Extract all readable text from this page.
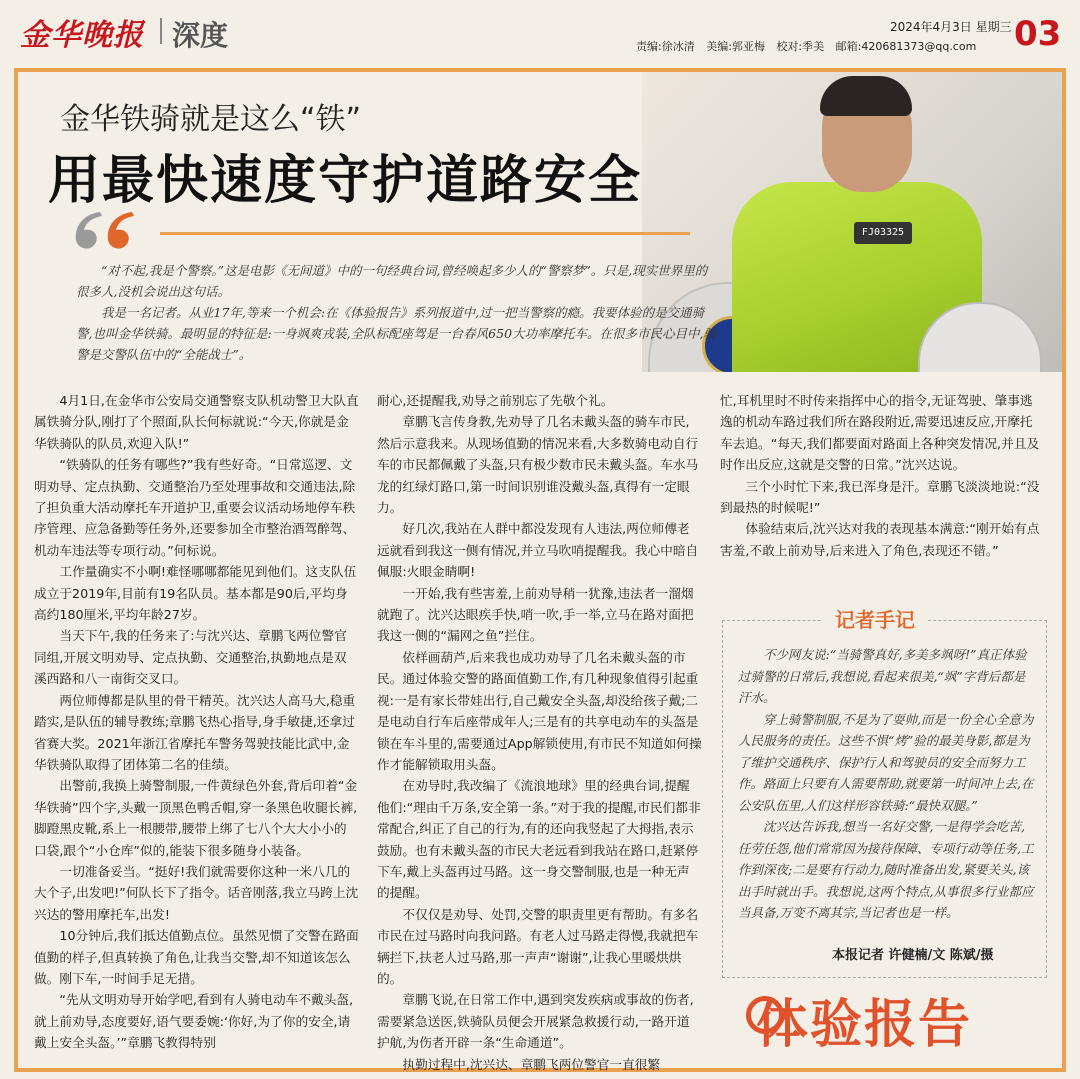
金华晚报 深度	2024年4月3日 星期三
责编:徐冰清 美编:郭亚梅 校对:季美 邮箱:420681373@qq.com 03
FJ03325
金华铁骑就是这么“铁”
用最快速度守护道路安全

“对不起,我是个警察。”这是电影《无间道》中的一句经典台词,曾经唤起多少人的“警察梦”。只是,现实世界里的很多人,没机会说出这句话。

我是一名记者。从业17年,等来一个机会:在《体验报告》系列报道中,过一把当警察的瘾。我要体验的是交通骑警,也叫金华铁骑。最明显的特征是:一身飒爽戎装,全队标配座驾是一台春风650大功率摩托车。在很多市民心目中,骑警是交警队伍中的“全能战士”。

4月1日,在金华市公安局交通警察支队机动警卫大队直属铁骑分队,刚打了个照面,队长何标就说:“今天,你就是金华铁骑队的队员,欢迎入队!”

“铁骑队的任务有哪些?”我有些好奇。“日常巡逻、文明劝导、定点执勤、交通整治乃至处理事故和交通违法,除了担负重大活动摩托车开道护卫,重要会议活动场地停车秩序管理、应急备勤等任务外,还要参加全市整治酒驾醉驾、机动车违法等专项行动。”何标说。

工作量确实不小啊!难怪哪哪都能见到他们。这支队伍成立于2019年,目前有19名队员。基本都是90后,平均身高约180厘米,平均年龄27岁。

当天下午,我的任务来了:与沈兴达、章鹏飞两位警官同组,开展文明劝导、定点执勤、交通整治,执勤地点是双溪西路和八一南街交叉口。

两位师傅都是队里的骨干精英。沈兴达人高马大,稳重踏实,是队伍的辅导教练;章鹏飞热心指导,身手敏捷,还拿过省赛大奖。2021年浙江省摩托车警务驾驶技能比武中,金华铁骑队取得了团体第二名的佳绩。

出警前,我换上骑警制服,一件黄绿色外套,背后印着“金华铁骑”四个字,头戴一顶黑色鸭舌帽,穿一条黑色收腿长裤,脚蹬黑皮靴,系上一根腰带,腰带上绑了七八个大大小小的口袋,跟个“小仓库”似的,能装下很多随身小装备。

一切准备妥当。“挺好!我们就需要你这种一米八几的大个子,出发吧!”何队长下了指令。话音刚落,我立马跨上沈兴达的警用摩托车,出发!

10分钟后,我们抵达值勤点位。虽然见惯了交警在路面值勤的样子,但真转换了角色,让我当交警,却不知道该怎么做。刚下车,一时间手足无措。

“先从文明劝导开始学吧,看到有人骑电动车不戴头盔,就上前劝导,态度要好,语气要委婉:‘你好,为了你的安全,请戴上安全头盔。’”章鹏飞教得特别

耐心,还提醒我,劝导之前别忘了先敬个礼。

章鹏飞言传身教,先劝导了几名未戴头盔的骑车市民,然后示意我来。从现场值勤的情况来看,大多数骑电动自行车的市民都佩戴了头盔,只有极少数市民未戴头盔。车水马龙的红绿灯路口,第一时间识别谁没戴头盔,真得有一定眼力。

好几次,我站在人群中都没发现有人违法,两位师傅老远就看到我这一侧有情况,并立马吹哨提醒我。我心中暗自佩服:火眼金睛啊!

一开始,我有些害羞,上前劝导稍一犹豫,违法者一溜烟就跑了。沈兴达眼疾手快,哨一吹,手一举,立马在路对面把我这一侧的“漏网之鱼”拦住。

依样画葫芦,后来我也成功劝导了几名未戴头盔的市民。通过体验交警的路面值勤工作,有几种现象值得引起重视:一是有家长带娃出行,自己戴安全头盔,却没给孩子戴;二是电动自行车后座带成年人;三是有的共享电动车的头盔是锁在车斗里的,需要通过App解锁使用,有市民不知道如何操作才能解锁取用头盔。

在劝导时,我改编了《流浪地球》里的经典台词,提醒他们:“理由千万条,安全第一条。”对于我的提醒,市民们都非常配合,纠正了自己的行为,有的还向我竖起了大拇指,表示鼓励。也有未戴头盔的市民大老远看到我站在路口,赶紧停下车,戴上头盔再过马路。这一身交警制服,也是一种无声的提醒。

不仅仅是劝导、处罚,交警的职责里更有帮助。有多名市民在过马路时向我问路。有老人过马路走得慢,我就把车辆拦下,扶老人过马路,那一声声“谢谢”,让我心里暖烘烘的。

章鹏飞说,在日常工作中,遇到突发疾病或事故的伤者,需要紧急送医,铁骑队员便会开展紧急救援行动,一路开道护航,为伤者开辟一条“生命通道”。

执勤过程中,沈兴达、章鹏飞两位警官一直很繁

忙,耳机里时不时传来指挥中心的指令,无证驾驶、肇事逃逸的机动车路过我们所在路段附近,需要迅速反应,开摩托车去追。“每天,我们都要面对路面上各种突发情况,并且及时作出反应,这就是交警的日常。”沈兴达说。

三个小时忙下来,我已浑身是汗。章鹏飞淡淡地说:“没到最热的时候呢!”

体验结束后,沈兴达对我的表现基本满意:“刚开始有点害羞,不敢上前劝导,后来进入了角色,表现还不错。”

记者手记

不少网友说:“当骑警真好,多美多飒呀!”真正体验过骑警的日常后,我想说,看起来很美,“飒”字背后都是汗水。

穿上骑警制服,不是为了耍帅,而是一份全心全意为人民服务的责任。这些不惧“烤”验的最美身影,都是为了维护交通秩序、保护行人和驾驶员的安全而努力工作。路面上只要有人需要帮助,就要第一时间冲上去,在公安队伍里,人们这样形容铁骑:“最快双腿。”

沈兴达告诉我,想当一名好交警,一是得学会吃苦,任劳任怨,他们常常因为接待保障、专项行动等任务,工作到深夜;二是要有行动力,随时准备出发,紧要关头,该出手时就出手。我想说,这两个特点,从事很多行业都应当具备,万变不离其宗,当记者也是一样。

本报记者 许健楠/文 陈斌/摄
体验报告
